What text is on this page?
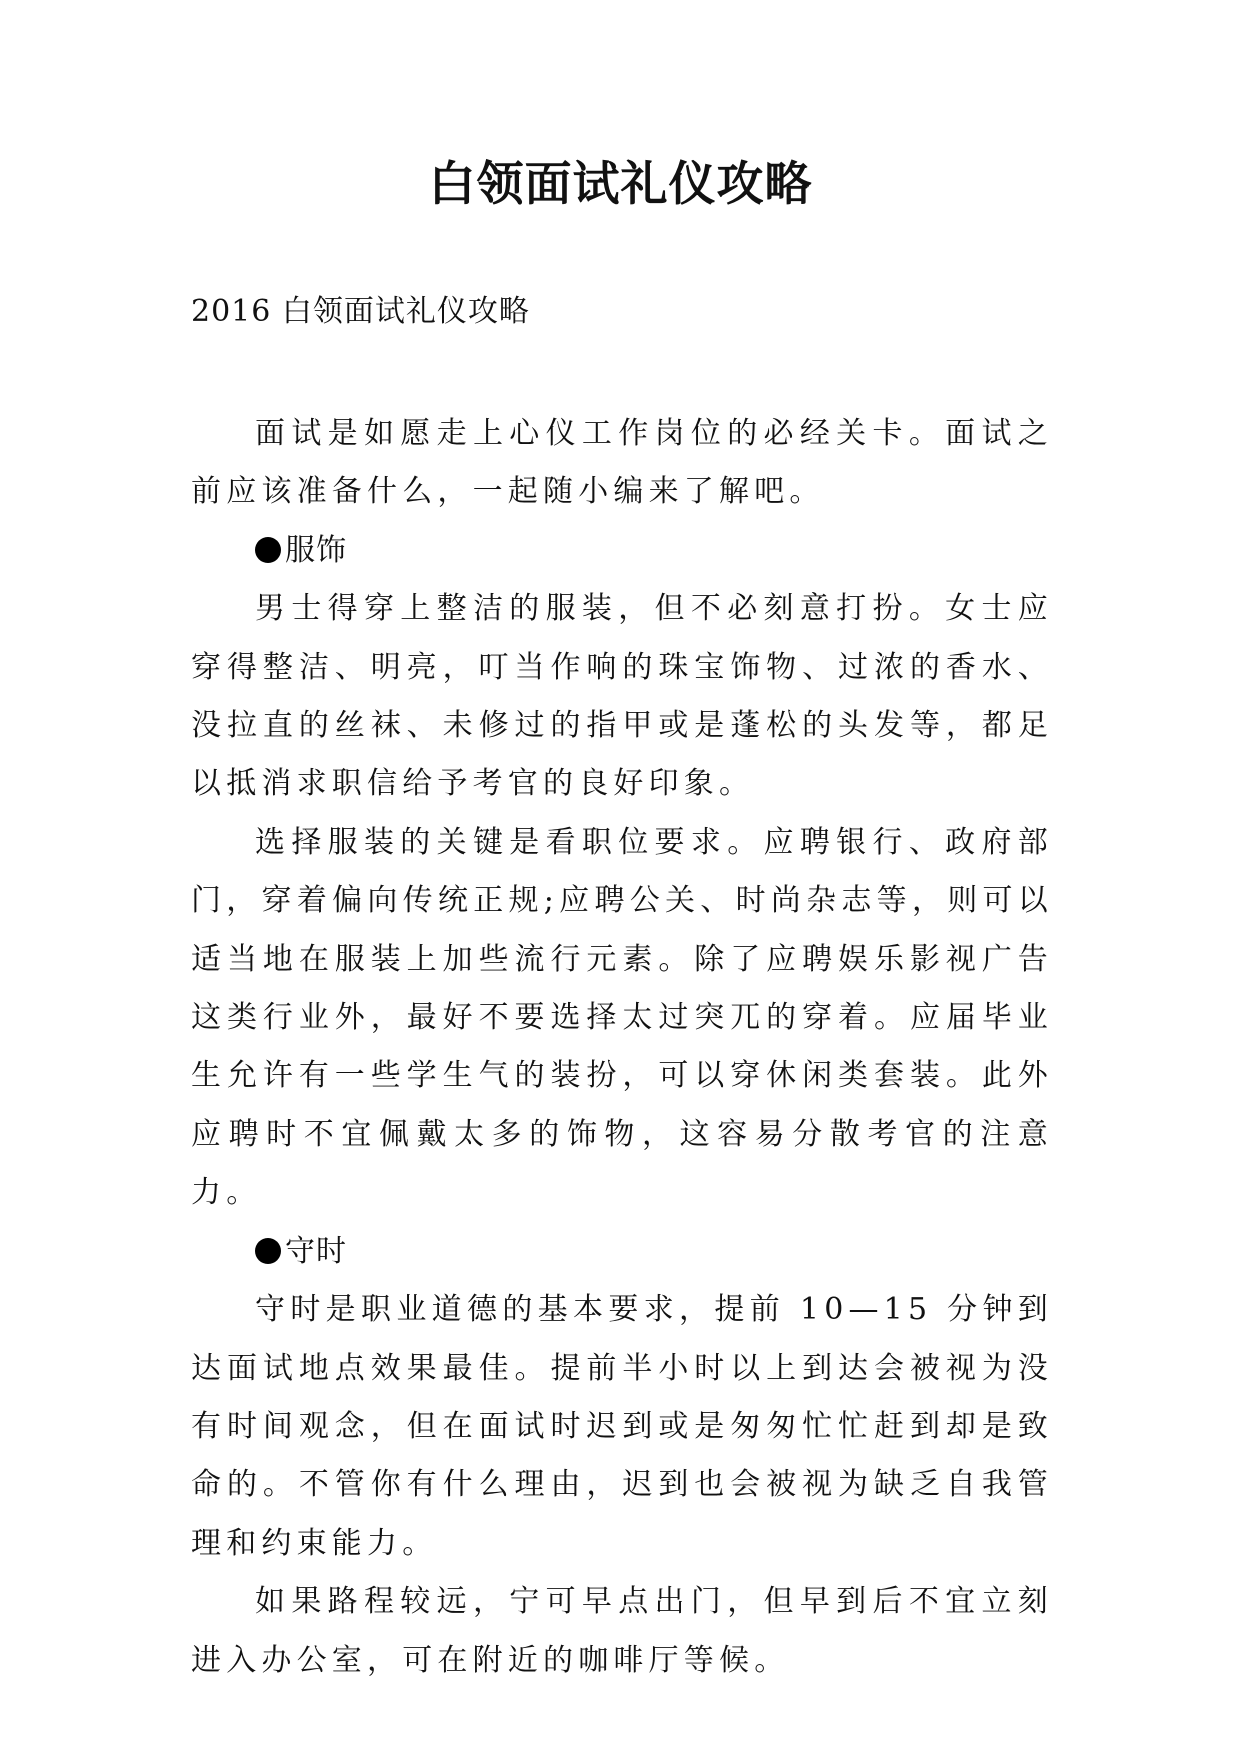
白领面试礼仪攻略

2016 白领面试礼仪攻略

面试是如愿走上心仪工作岗位的必经关卡。面试之前应该准备什么，一起随小编来了解吧。

服饰

男士得穿上整洁的服装，但不必刻意打扮。女士应穿得整洁、明亮，叮当作响的珠宝饰物、过浓的香水、没拉直的丝袜、未修过的指甲或是蓬松的头发等，都足以抵消求职信给予考官的良好印象。

选择服装的关键是看职位要求。应聘银行、政府部门，穿着偏向传统正规;应聘公关、时尚杂志等，则可以适当地在服装上加些流行元素。除了应聘娱乐影视广告这类行业外，最好不要选择太过突兀的穿着。应届毕业生允许有一些学生气的装扮，可以穿休闲类套装。此外应聘时不宜佩戴太多的饰物，这容易分散考官的注意力。

守时

守时是职业道德的基本要求，提前 10—15 分钟到达面试地点效果最佳。提前半小时以上到达会被视为没有时间观念，但在面试时迟到或是匆匆忙忙赶到却是致命的。不管你有什么理由，迟到也会被视为缺乏自我管理和约束能力。

如果路程较远，宁可早点出门，但早到后不宜立刻进入办公室，可在附近的咖啡厅等候。
